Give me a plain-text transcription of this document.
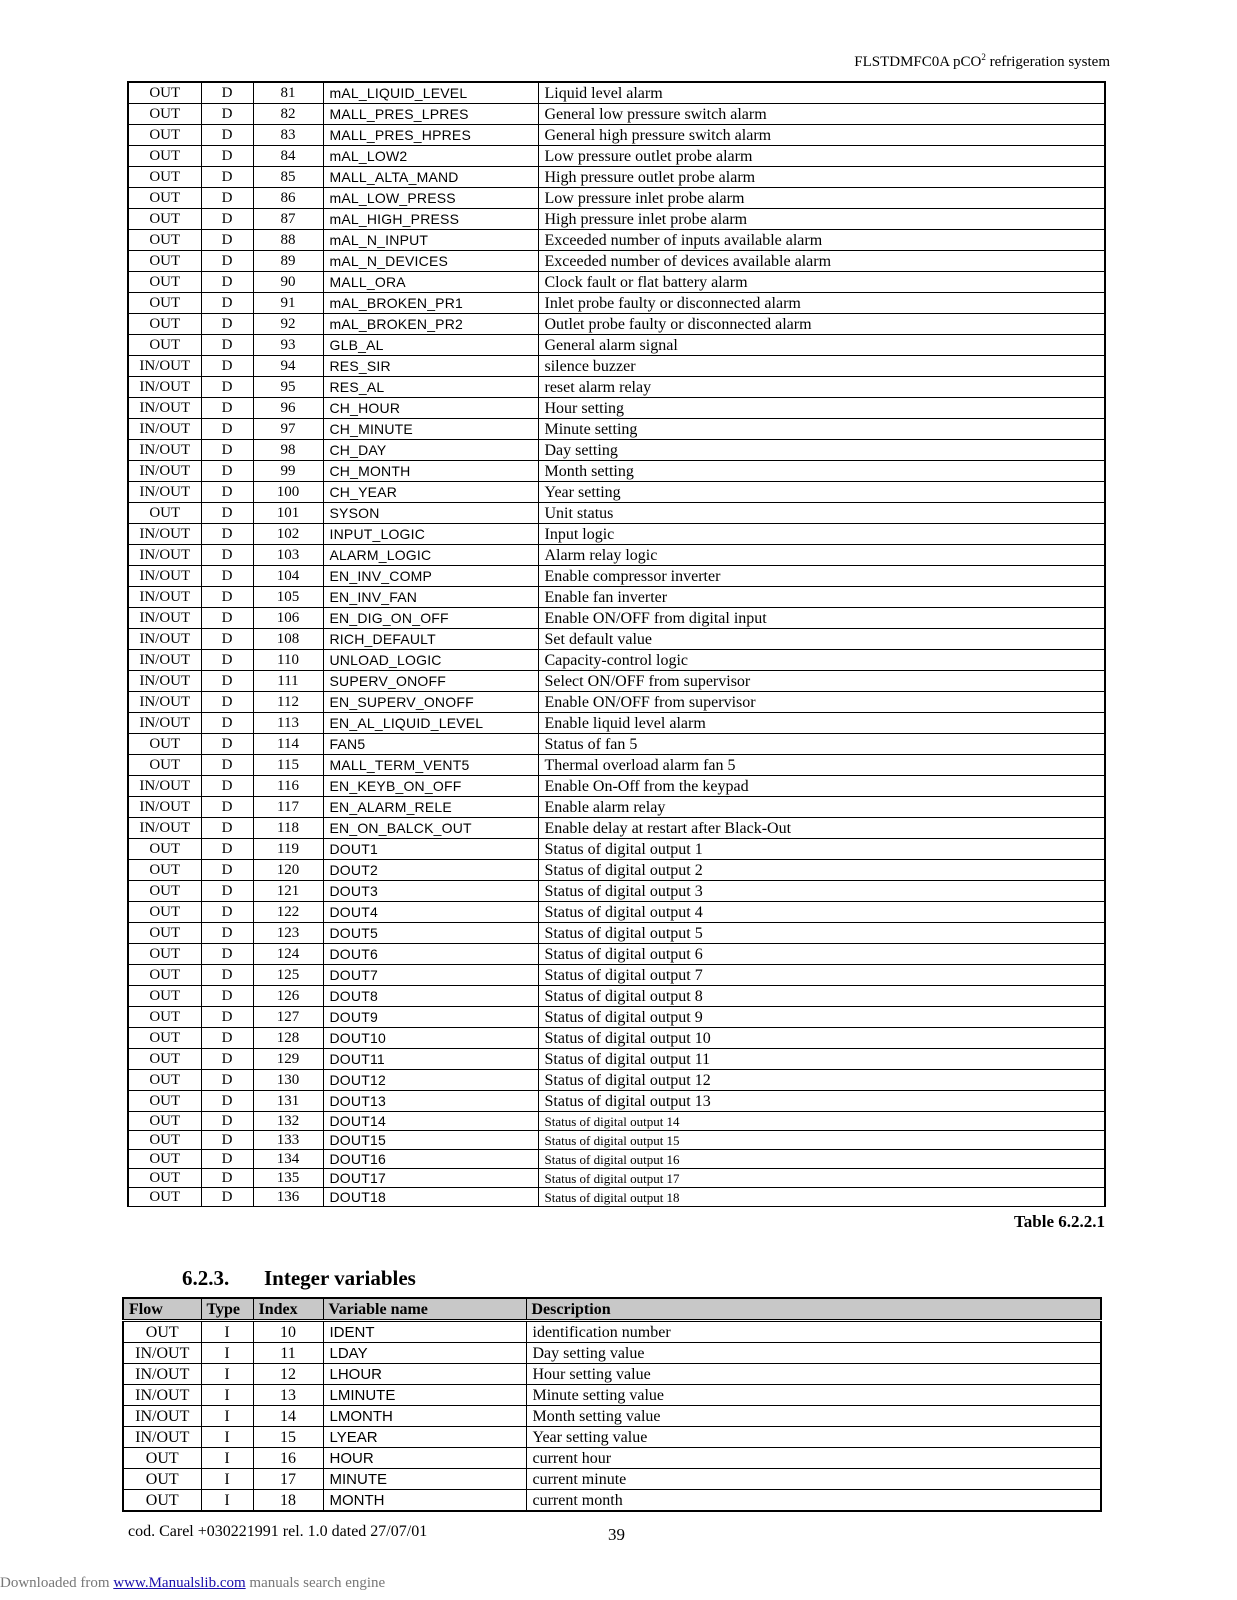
FLSTDMFC0A pCO$^2$ refrigeration system
OUT	D	81	mAL_LIQUID_LEVEL	Liquid level alarm
OUT	D	82	MALL_PRES_LPRES	General low pressure switch alarm
OUT	D	83	MALL_PRES_HPRES	General high pressure switch alarm
OUT	D	84	mAL_LOW2	Low pressure outlet probe alarm
OUT	D	85	MALL_ALTA_MAND	High pressure outlet probe alarm
OUT	D	86	mAL_LOW_PRESS	Low pressure inlet probe alarm
OUT	D	87	mAL_HIGH_PRESS	High pressure inlet probe alarm
OUT	D	88	mAL_N_INPUT	Exceeded number of inputs available alarm
OUT	D	89	mAL_N_DEVICES	Exceeded number of devices available alarm
OUT	D	90	MALL_ORA	Clock fault or flat battery alarm
OUT	D	91	mAL_BROKEN_PR1	Inlet probe faulty or disconnected alarm
OUT	D	92	mAL_BROKEN_PR2	Outlet probe faulty or disconnected alarm
OUT	D	93	GLB_AL	General alarm signal
IN/OUT	D	94	RES_SIR	silence buzzer
IN/OUT	D	95	RES_AL	reset alarm relay
IN/OUT	D	96	CH_HOUR	Hour setting
IN/OUT	D	97	CH_MINUTE	Minute setting
IN/OUT	D	98	CH_DAY	Day setting
IN/OUT	D	99	CH_MONTH	Month setting
IN/OUT	D	100	CH_YEAR	Year setting
OUT	D	101	SYSON	Unit status
IN/OUT	D	102	INPUT_LOGIC	Input logic
IN/OUT	D	103	ALARM_LOGIC	Alarm relay logic
IN/OUT	D	104	EN_INV_COMP	Enable compressor inverter
IN/OUT	D	105	EN_INV_FAN	Enable fan inverter
IN/OUT	D	106	EN_DIG_ON_OFF	Enable ON/OFF from digital input
IN/OUT	D	108	RICH_DEFAULT	Set default value
IN/OUT	D	110	UNLOAD_LOGIC	Capacity-control logic
IN/OUT	D	111	SUPERV_ONOFF	Select ON/OFF from supervisor
IN/OUT	D	112	EN_SUPERV_ONOFF	Enable ON/OFF from supervisor
IN/OUT	D	113	EN_AL_LIQUID_LEVEL	Enable liquid level alarm
OUT	D	114	FAN5	Status of fan 5
OUT	D	115	MALL_TERM_VENT5	Thermal overload alarm fan 5
IN/OUT	D	116	EN_KEYB_ON_OFF	Enable On-Off from the keypad
IN/OUT	D	117	EN_ALARM_RELE	Enable alarm relay
IN/OUT	D	118	EN_ON_BALCK_OUT	Enable delay at restart after Black-Out
OUT	D	119	DOUT1	Status of digital output 1
OUT	D	120	DOUT2	Status of digital output 2
OUT	D	121	DOUT3	Status of digital output 3
OUT	D	122	DOUT4	Status of digital output 4
OUT	D	123	DOUT5	Status of digital output 5
OUT	D	124	DOUT6	Status of digital output 6
OUT	D	125	DOUT7	Status of digital output 7
OUT	D	126	DOUT8	Status of digital output 8
OUT	D	127	DOUT9	Status of digital output 9
OUT	D	128	DOUT10	Status of digital output 10
OUT	D	129	DOUT11	Status of digital output 11
OUT	D	130	DOUT12	Status of digital output 12
OUT	D	131	DOUT13	Status of digital output 13
OUT	D	132	DOUT14	Status of digital output 14
OUT	D	133	DOUT15	Status of digital output 15
OUT	D	134	DOUT16	Status of digital output 16
OUT	D	135	DOUT17	Status of digital output 17
OUT	D	136	DOUT18	Status of digital output 18
Table 6.2.2.1
6.2.3. Integer variables
Flow	Type	Index	Variable name	Description
OUT	I	10	IDENT	identification number
IN/OUT	I	11	LDAY	Day setting value
IN/OUT	I	12	LHOUR	Hour setting value
IN/OUT	I	13	LMINUTE	Minute setting value
IN/OUT	I	14	LMONTH	Month setting value
IN/OUT	I	15	LYEAR	Year setting value
OUT	I	16	HOUR	current hour
OUT	I	17	MINUTE	current minute
OUT	I	18	MONTH	current month
cod. Carel +030221991 rel. 1.0 dated 27/07/01	39
Downloaded from www.Manualslib.com manuals search engine
